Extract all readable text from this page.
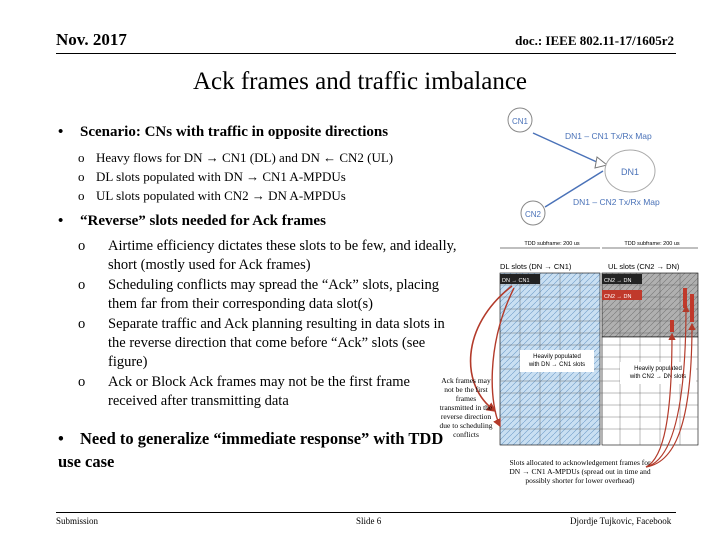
Nov. 2017	doc.: IEEE 802.11-17/1605r2
Ack frames and traffic imbalance
• Scenario: CNs with traffic in opposite directions
o Heavy flows for DN → CN1 (DL) and DN ← CN2 (UL)
o DL slots populated with DN → CN1 A-MPDUs
o UL slots populated with CN2 → DN A-MPDUs
• “Reverse” slots needed for Ack frames
o Airtime efficiency dictates these slots to be few, and ideally, short (mostly used for Ack frames)
o Scheduling conflicts may spread the “Ack” slots, placing them far from their corresponding data slot(s)
o Separate traffic and Ack planning resulting in data slots in the reverse direction that come before “Ack” slots (see figure)
o Ack or Block Ack frames may not be the first frame received after transmitting data
• Need to generalize “immediate response” with TDD use case
CN1
CN2
DN1
DN1 – CN1 Tx/Rx Map
DN1 – CN2 Tx/Rx Map
TDD subframe: 200 us	TDD subframe: 200 us
DL slots (DN → CN1)	UL slots (CN2 → DN)
DN → CN1	CN2 → DN
CN2 → DN
Heavily populated with DN → CN1 slots
Heavily populated with CN2 → DN slots
Ack frames may not be the first frames transmitted in the reverse direction due to scheduling conflicts
Slots allocated to acknowledgement frames for DN → CN1 A-MPDUs (spread out in time and possibly shorter for lower overhead)
Submission	Slide 6	Djordje Tujkovic, Facebook
